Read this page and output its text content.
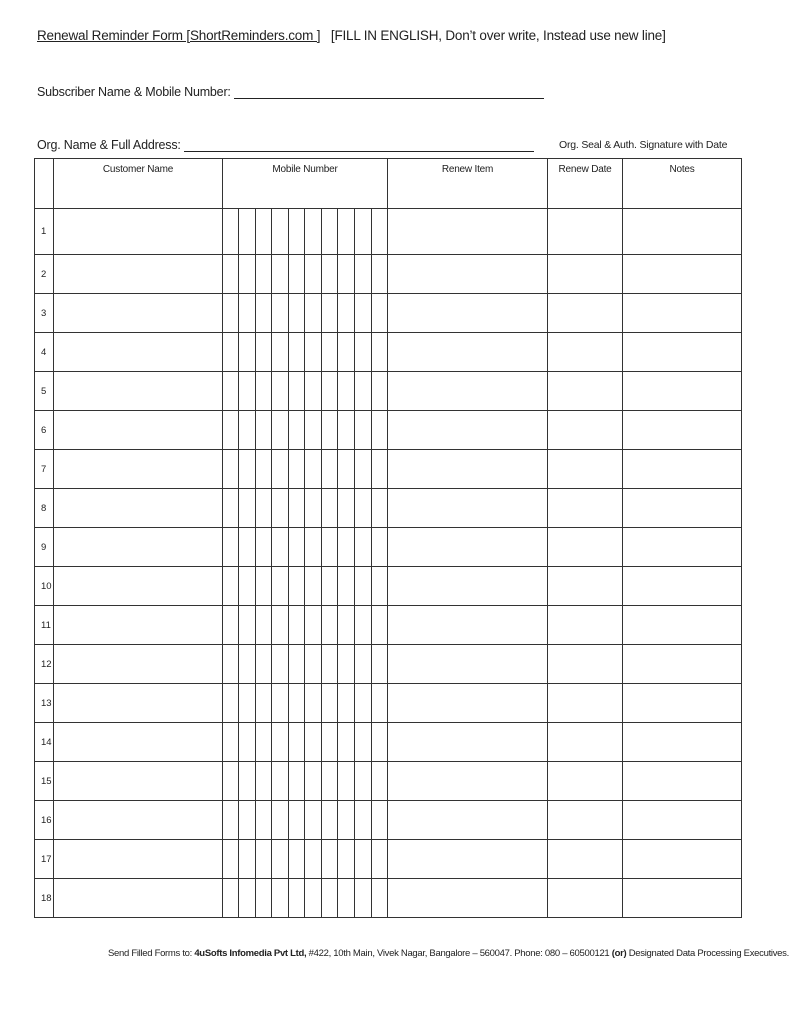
Renewal Reminder Form [ShortReminders.com ] [FILL IN ENGLISH, Don’t over write, Instead use new line]
Subscriber Name & Mobile Number:
Org. Name & Full Address:	Org. Seal & Auth. Signature with Date
	Customer Name	Mobile Number	Renew Item	Renew Date	Notes
1		

2		

3		

4		

5		

6		

7		

8		

9		

10		

11		

12		

13		

14		

15		

16		

17		

18		

Send Filled Forms to: 4uSofts Infomedia Pvt Ltd, #422, 10th Main, Vivek Nagar, Bangalore – 560047. Phone: 080 – 60500121 (or) Designated Data Processing Executives.
